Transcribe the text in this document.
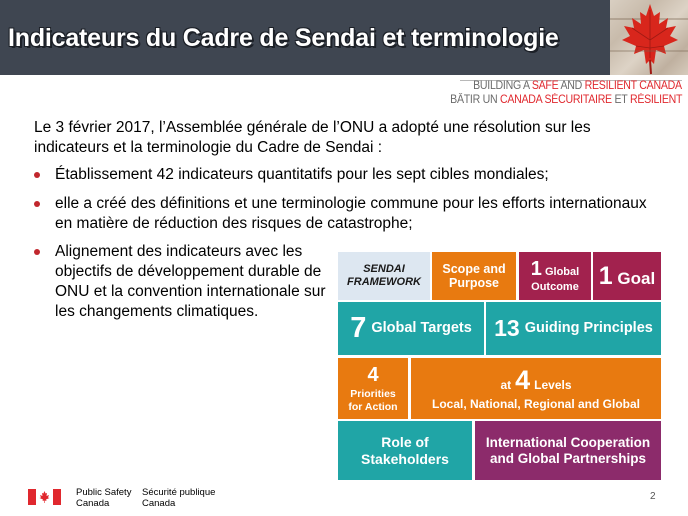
Indicateurs du Cadre de Sendai et terminologie
BUILDING A SAFE AND RESILIENT CANADA
BÂTIR UN CANADA SÉCURITAIRE ET RÉSILIENT
Le 3 février 2017, l’Assemblée générale de l’ONU a adopté une résolution sur les indicateurs et la terminologie du Cadre de Sendai :
Établissement 42 indicateurs quantitatifs pour les sept cibles mondiales;
elle a créé des définitions et une terminologie commune pour les efforts internationaux en matière de réduction des risques de catastrophe;
Alignement des indicateurs avec les objectifs de développement durable de ONU et la convention internationale sur les changements climatiques.
SENDAI
FRAMEWORK
Scope and
Purpose
1 Global
Outcome 1 Goal
7 Global Targets 13 Guiding Principles
4
Priorities
for Action
at 4 Levels
Local, National, Regional and Global
Role of
Stakeholders
International Cooperation
and Global Partnerships
Public Safety
Canada
Sécurité publique
Canada
2
